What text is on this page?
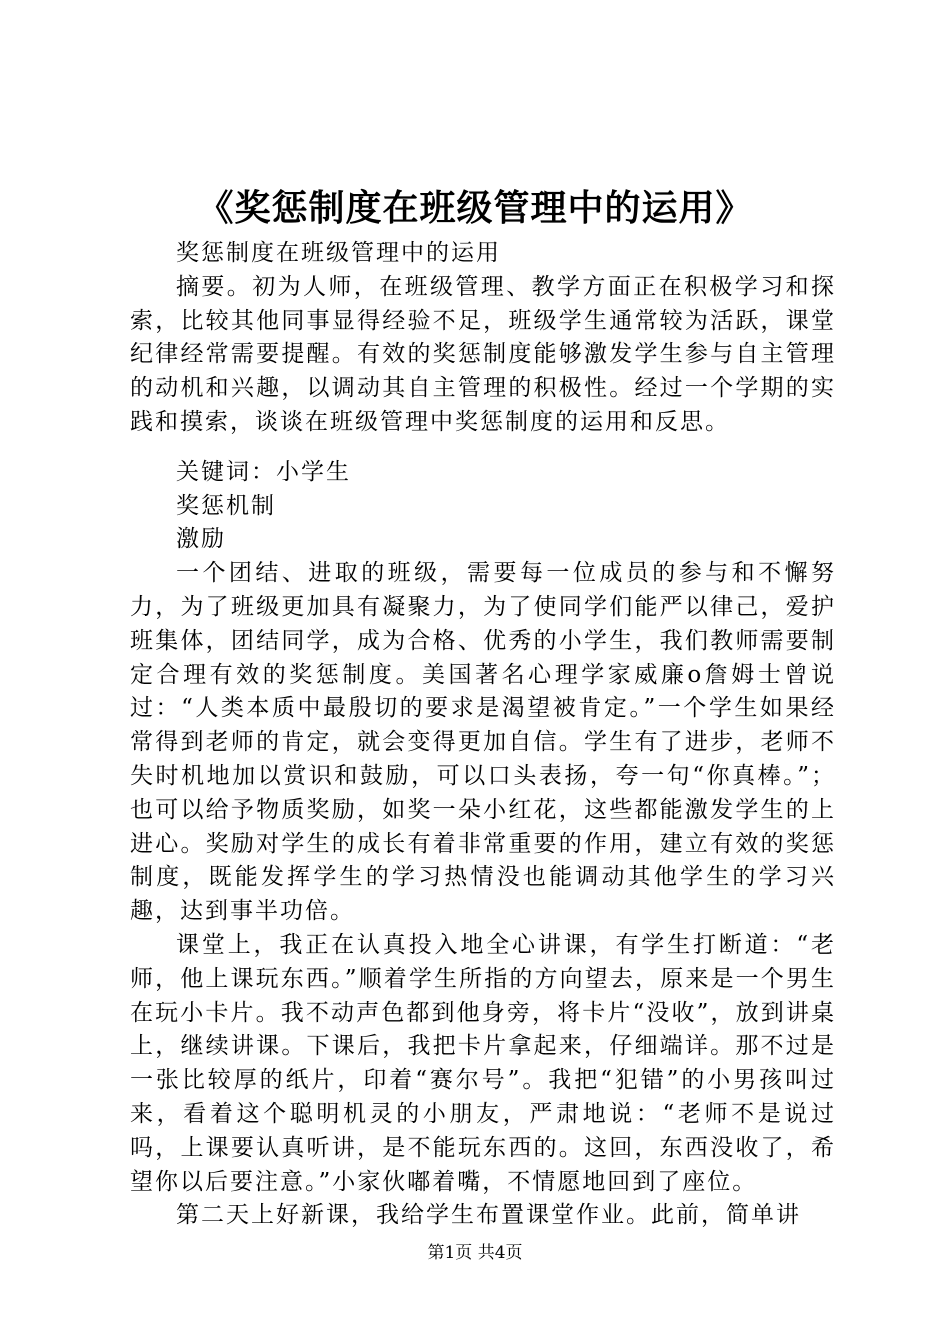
《奖惩制度在班级管理中的运用》

奖惩制度在班级管理中的运用

摘要。初为人师，在班级管理、教学方面正在积极学习和探索，比较其他同事显得经验不足，班级学生通常较为活跃，课堂纪律经常需要提醒。有效的奖惩制度能够激发学生参与自主管理的动机和兴趣，以调动其自主管理的积极性。经过一个学期的实践和摸索，谈谈在班级管理中奖惩制度的运用和反思。

关键词：小学生

奖惩机制

激励

一个团结、进取的班级，需要每一位成员的参与和不懈努力，为了班级更加具有凝聚力，为了使同学们能严以律己，爱护班集体，团结同学，成为合格、优秀的小学生，我们教师需要制定合理有效的奖惩制度。美国著名心理学家威廉o詹姆士曾说过：“人类本质中最殷切的要求是渴望被肯定。”一个学生如果经常得到老师的肯定，就会变得更加自信。学生有了进步，老师不失时机地加以赏识和鼓励，可以口头表扬，夸一句“你真棒。”；也可以给予物质奖励，如奖一朵小红花，这些都能激发学生的上进心。奖励对学生的成长有着非常重要的作用，建立有效的奖惩制度，既能发挥学生的学习热情没也能调动其他学生的学习兴趣，达到事半功倍。

课堂上，我正在认真投入地全心讲课，有学生打断道：“老师，他上课玩东西。”顺着学生所指的方向望去，原来是一个男生在玩小卡片。我不动声色都到他身旁，将卡片“没收”，放到讲桌上，继续讲课。下课后，我把卡片拿起来，仔细端详。那不过是一张比较厚的纸片，印着“赛尔号”。我把“犯错”的小男孩叫过来，看着这个聪明机灵的小朋友，严肃地说：“老师不是说过吗，上课要认真听讲，是不能玩东西的。这回，东西没收了，希望你以后要注意。”小家伙嘟着嘴，不情愿地回到了座位。

第二天上好新课，我给学生布置课堂作业。此前，简单讲

第1页 共4页
